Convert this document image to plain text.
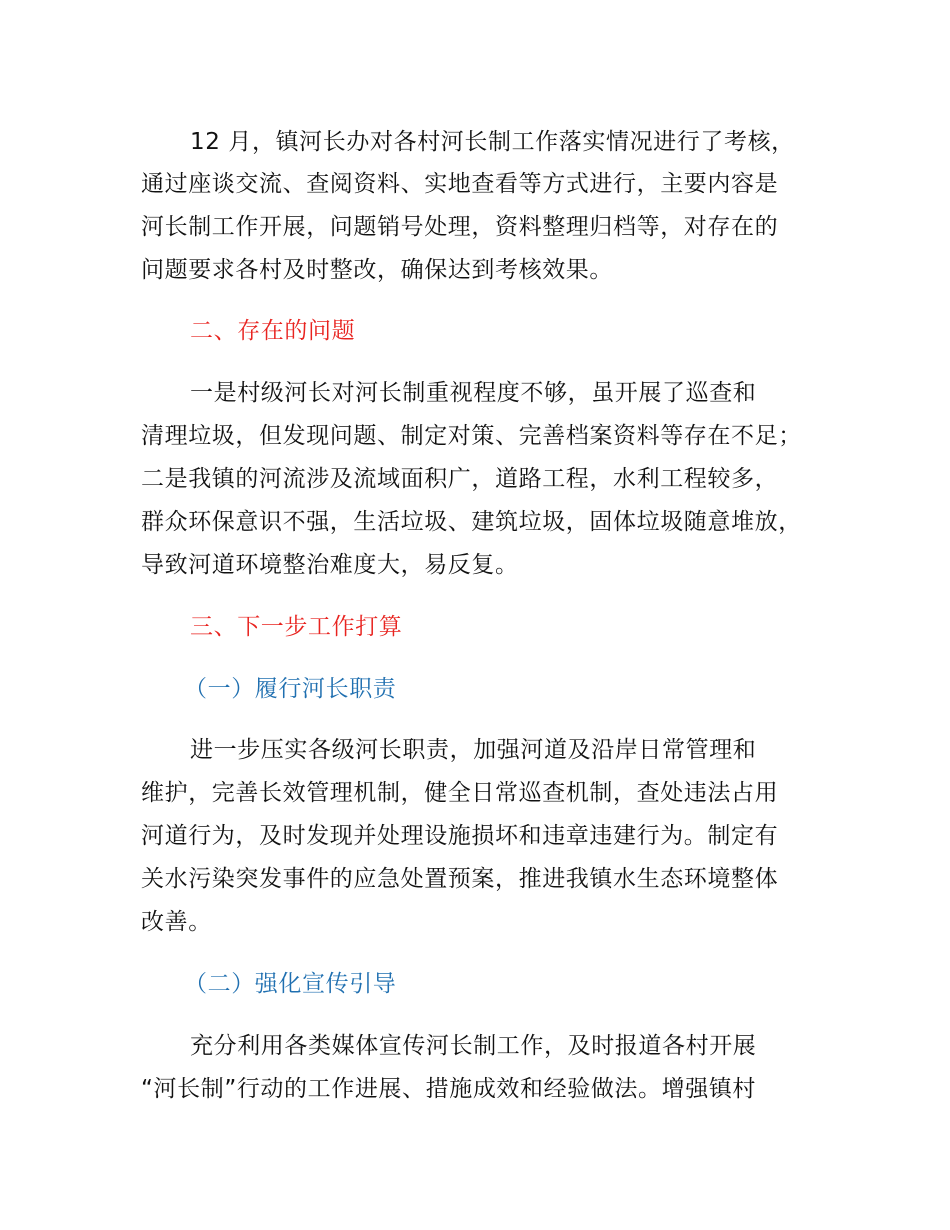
12 月，镇河长办对各村河长制工作落实情况进行了考核，
通过座谈交流、查阅资料、实地查看等方式进行，主要内容是
河长制工作开展，问题销号处理，资料整理归档等，对存在的
问题要求各村及时整改，确保达到考核效果。
二、存在的问题
一是村级河长对河长制重视程度不够，虽开展了巡查和
清理垃圾，但发现问题、制定对策、完善档案资料等存在不足；
二是我镇的河流涉及流域面积广，道路工程，水利工程较多，
群众环保意识不强，生活垃圾、建筑垃圾，固体垃圾随意堆放，
导致河道环境整治难度大，易反复。
三、下一步工作打算
（一）履行河长职责
进一步压实各级河长职责，加强河道及沿岸日常管理和
维护，完善长效管理机制，健全日常巡查机制，查处违法占用
河道行为，及时发现并处理设施损坏和违章违建行为。制定有
关水污染突发事件的应急处置预案，推进我镇水生态环境整体
改善。
（二）强化宣传引导
充分利用各类媒体宣传河长制工作，及时报道各村开展
“河长制”行动的工作进展、措施成效和经验做法。增强镇村
